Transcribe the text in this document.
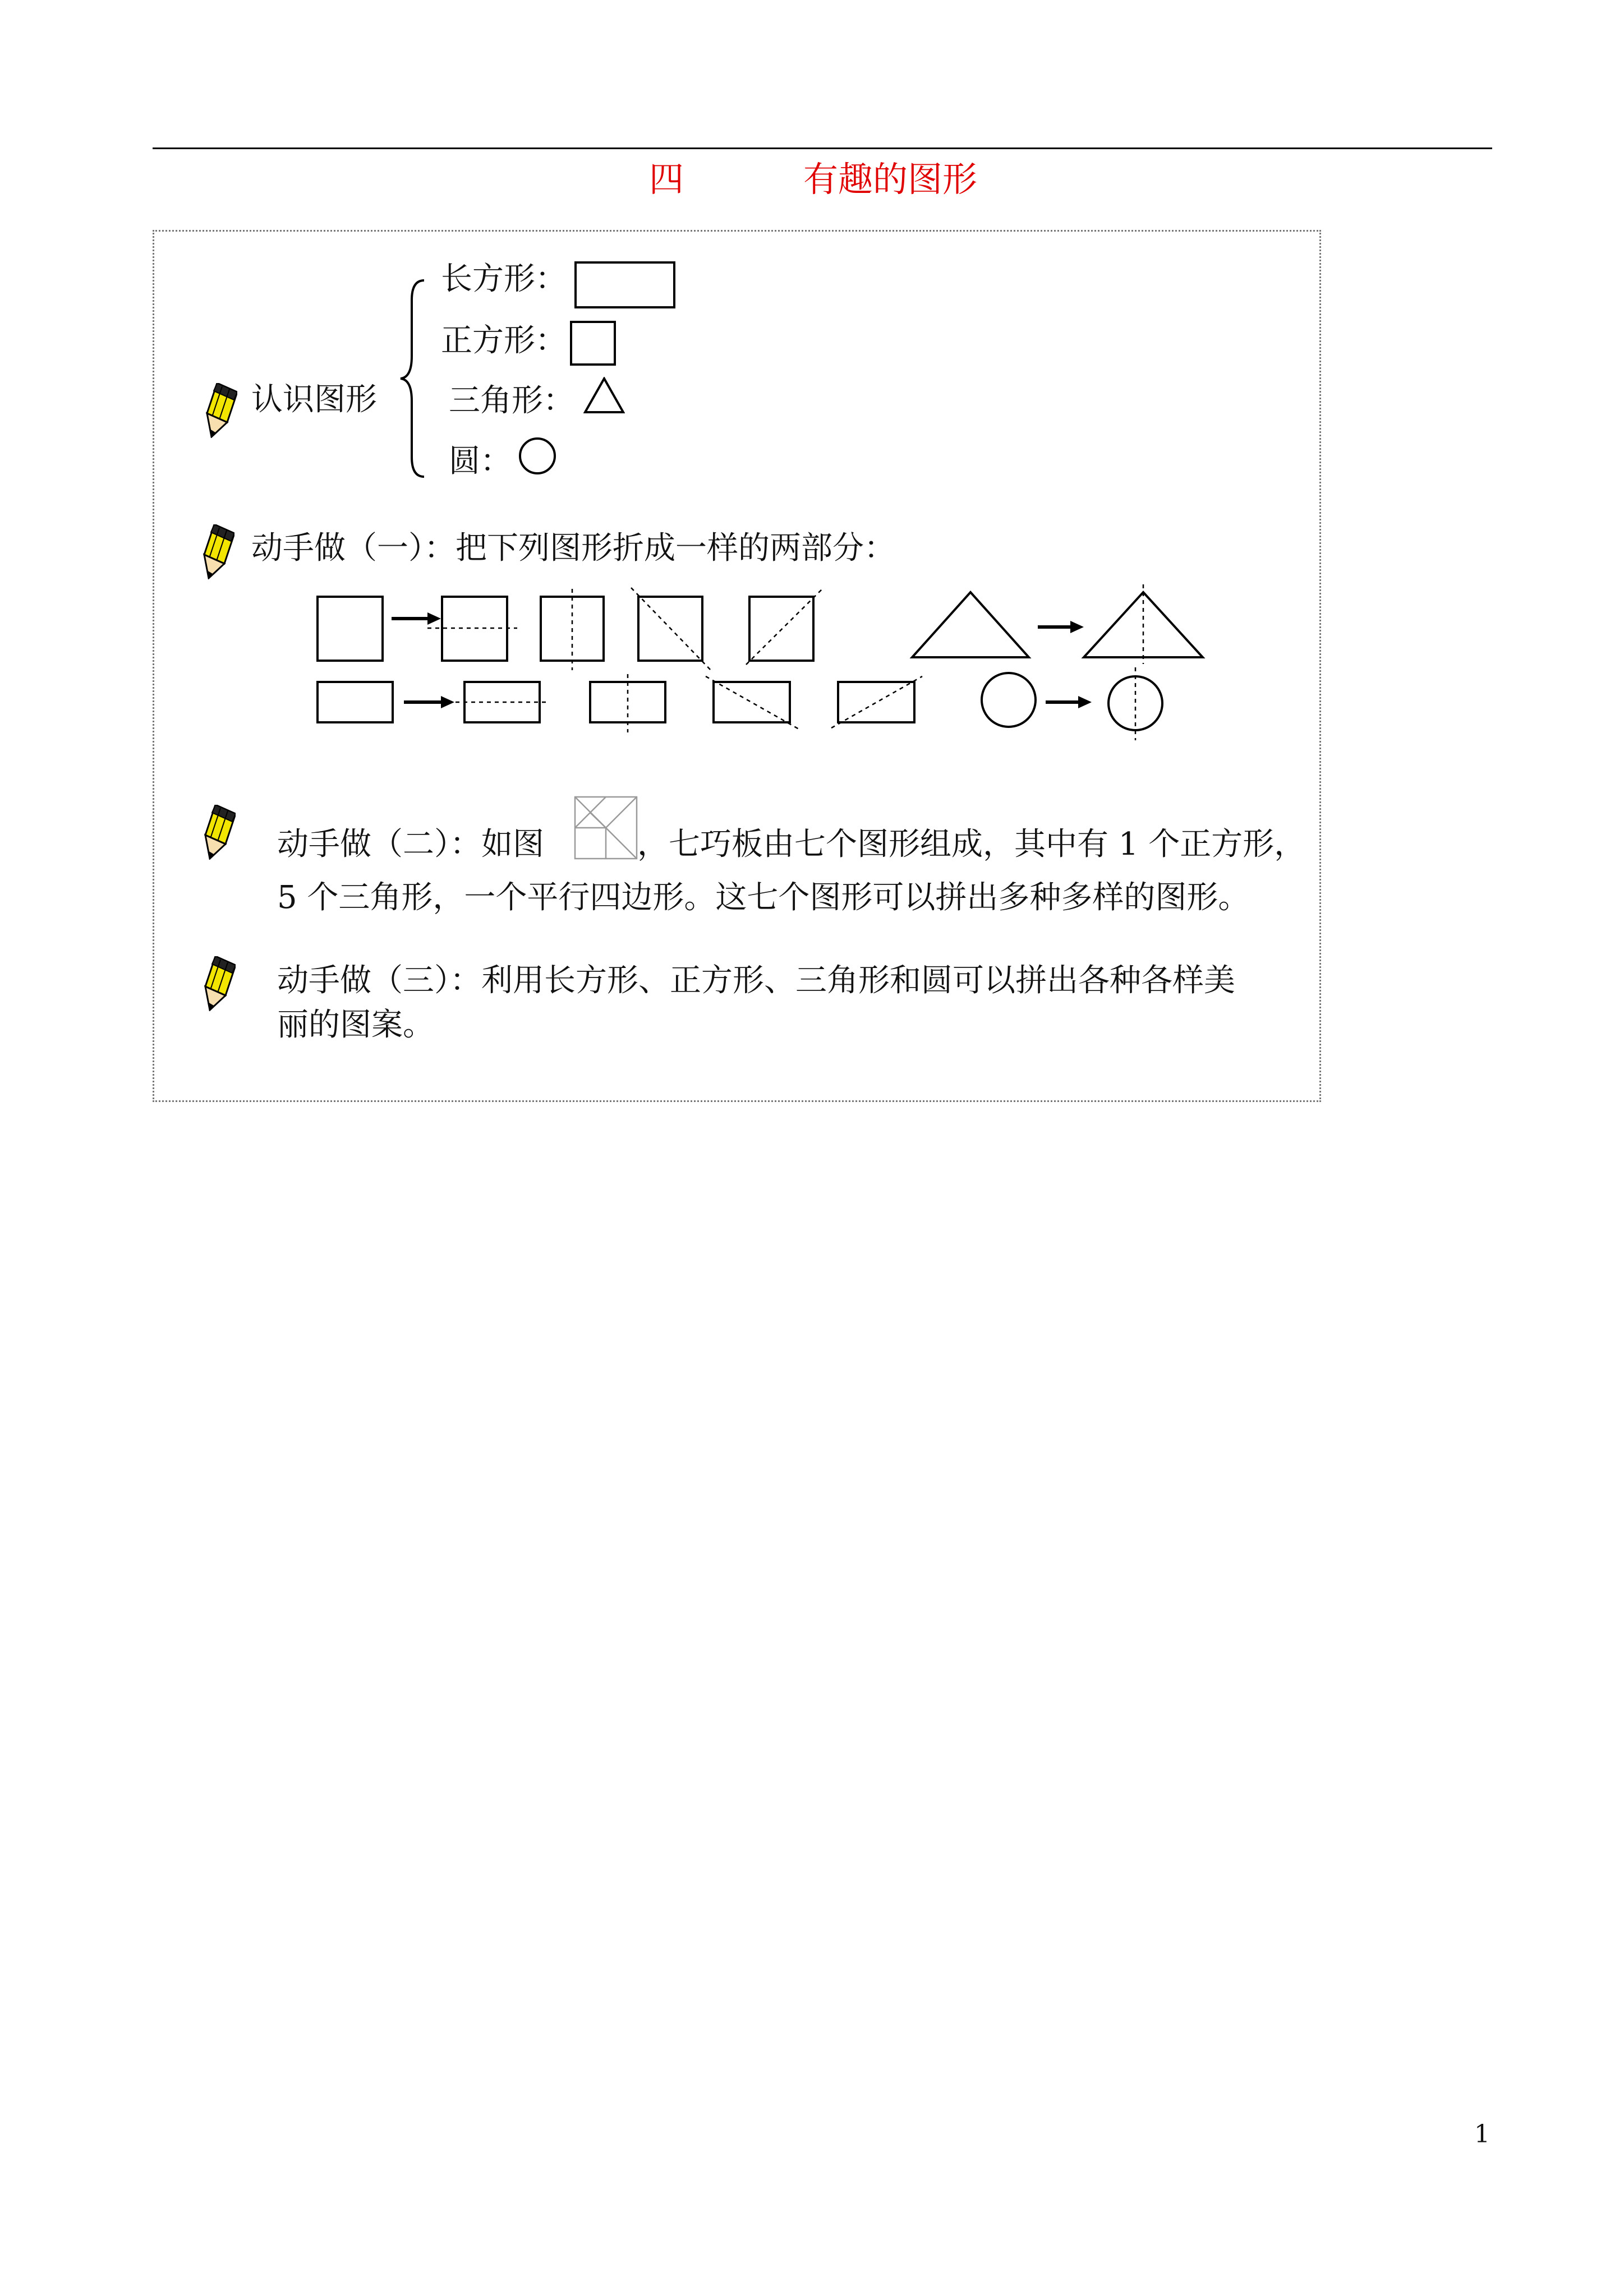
四	有趣的图形
认识图形
长方形：
正方形：
三角形：
圆：
动手做（一）：把下列图形折成一样的两部分：
动手做（二）：如图	，七巧板由七个图形组成，其中有 1 个正方形，
5 个三角形，一个平行四边形。这七个图形可以拼出多种多样的图形。
动手做（三）：利用长方形、正方形、三角形和圆可以拼出各种各样美
丽的图案。
1
